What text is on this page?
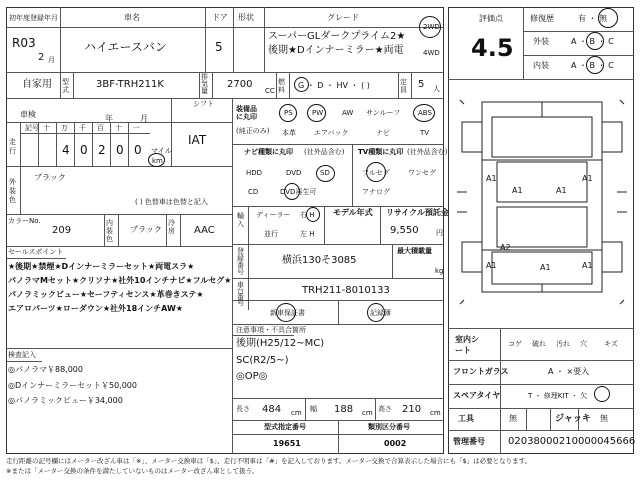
初年度登録年月
R03
2 月
車名
ハイエースバン
ドア
5
形状	グレード
スーパーGLダークプライム2★
後期★Dインナーミラー★両電
2WD
4WD
自家用 型式	3BF-TRH211K
排気量
2700
CC
燃料 G ・ D ・ HV ・ ( )	定員 5 人
車検	年	月
シフト
IAT
記号 十 万 千 百 十 一
4 0 2 0 0
走行	マイル
km
外装色
ブラック
( ) 色替車は色替と記入
カラーNo.
209
内装色
ブラック
冷房	AAC
セールスポイント
★後期★禁煙★Dインナーミラーセット★両電スラ★
パノラマMセット★クリソナ★社外10インチナビ★フルセグ★
パノラミックビュー★セーフティセンス★革巻きステ★
エアロパーツ★ローダウン★社外18インチAW★
検査記入
◎パノラマ￥88,000
◎Dインナーミラーセット￥50,000
◎パノラミックビュー￥34,000
装備品に丸印
(純正のみ)
PS	PW	AW サンルーフ	ABS
本革	エアバック	ナビ	TV
ナビ種類に丸印 (社外品含む)
HDD	DVD	SD
CD	DVD再生可
TV種類に丸印 (社外品含む)
フルセグ	ワンセグ
アナログ
輸入
ディーラー
並行
右 H
左 H
モデル年式 リサイクル預託金
9,550 円
最大積載量
kg
登録番号
横浜130そ3085
車台番号
TRH211-8010133
新車保証書	記録簿
注意事項・不具合箇所
後期(H25/12~MC)
SC(R2/5~)
◎OP◎
長さ 484 cm 幅 188 cm 高さ 210 cm
型式指定番号
19651
類別区分番号
0002
評価点
4.5
修復歴	有 ・ 無
外装	A ・ B ・ C
内装	A ・ B ・ C
A1	A1
A1	A1
A1	A1
A2
A1
室内シート
コゲ 破れ 汚れ 穴 キズ
フロントガラス	A ・ ×要入
スペアタイヤ	T ・ 修理KIT ・ 欠
工具	無	ジャッキ 無
管理番号 02038000210000045666
走行距離の記号欄にはメーター改ざん車は「※」、メーター交換車は「$」、走行不明車は「#」を記入しております。メーター交換で合算表示した場合にも「$」は必要となります。
※または「メーター交換の条件を満たしていないものはメーター改ざん車として扱う。
